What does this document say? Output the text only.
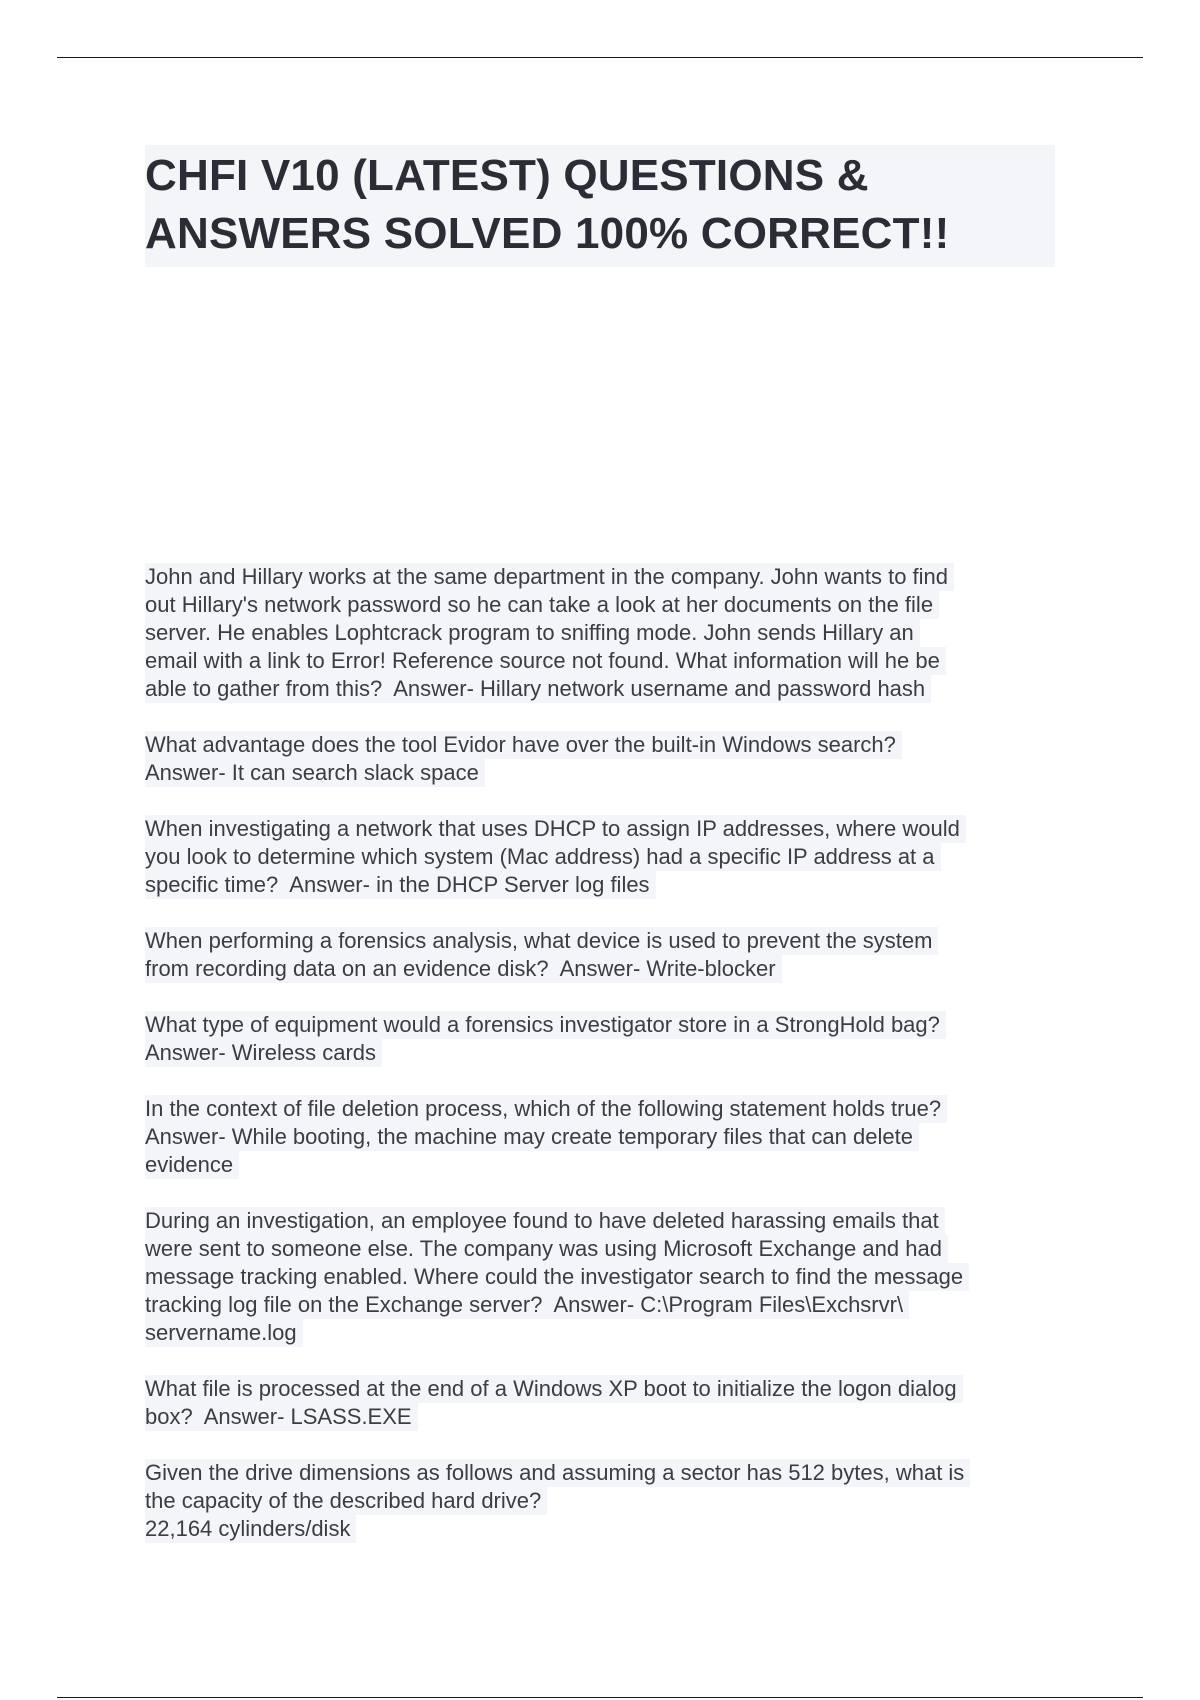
CHFI V10 (LATEST) QUESTIONS &
ANSWERS SOLVED 100% CORRECT!!
John and Hillary works at the same department in the company. John wants to find
out Hillary's network password so he can take a look at her documents on the file
server. He enables Lophtcrack program to sniffing mode. John sends Hillary an
email with a link to Error! Reference source not found. What information will he be
able to gather from this?  Answer- Hillary network username and password hash
What advantage does the tool Evidor have over the built-in Windows search?
Answer- It can search slack space
When investigating a network that uses DHCP to assign IP addresses, where would
you look to determine which system (Mac address) had a specific IP address at a
specific time?  Answer- in the DHCP Server log files
When performing a forensics analysis, what device is used to prevent the system
from recording data on an evidence disk?  Answer- Write-blocker
What type of equipment would a forensics investigator store in a StrongHold bag?
Answer- Wireless cards
In the context of file deletion process, which of the following statement holds true?
Answer- While booting, the machine may create temporary files that can delete
evidence
During an investigation, an employee found to have deleted harassing emails that
were sent to someone else. The company was using Microsoft Exchange and had
message tracking enabled. Where could the investigator search to find the message
tracking log file on the Exchange server?  Answer- C:\Program Files\Exchsrvr\
servername.log
What file is processed at the end of a Windows XP boot to initialize the logon dialog
box?  Answer- LSASS.EXE
Given the drive dimensions as follows and assuming a sector has 512 bytes, what is
the capacity of the described hard drive?
22,164 cylinders/disk
